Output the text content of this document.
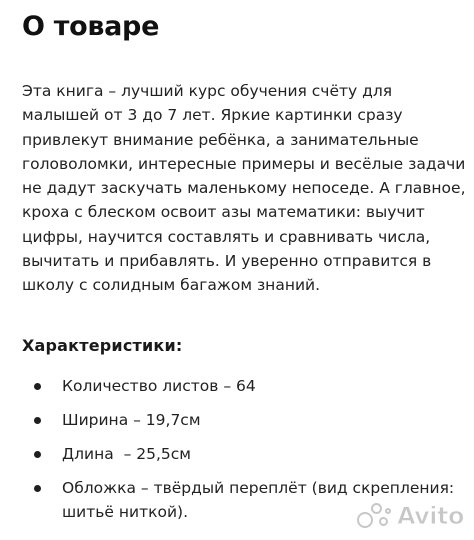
О товаре

Эта книга – лучший курс обучения счёту для малышей от 3 до 7 лет. Яркие картинки сразу привлекут внимание ребёнка, а занимательные головоломки, интересные примеры и весёлые задачи не дадут заскучать маленькому непоседе. А главное, кроха с блеском освоит азы математики: выучит цифры, научится составлять и сравнивать числа, вычитать и прибавлять. И уверенно отправится в школу с солидным багажом знаний.

Характеристики:
Количество листов – 64
Ширина – 19,7см
Длина  – 25,5см
Обложка – твёрдый переплёт (вид скрепления: шитьё ниткой).	Avito
